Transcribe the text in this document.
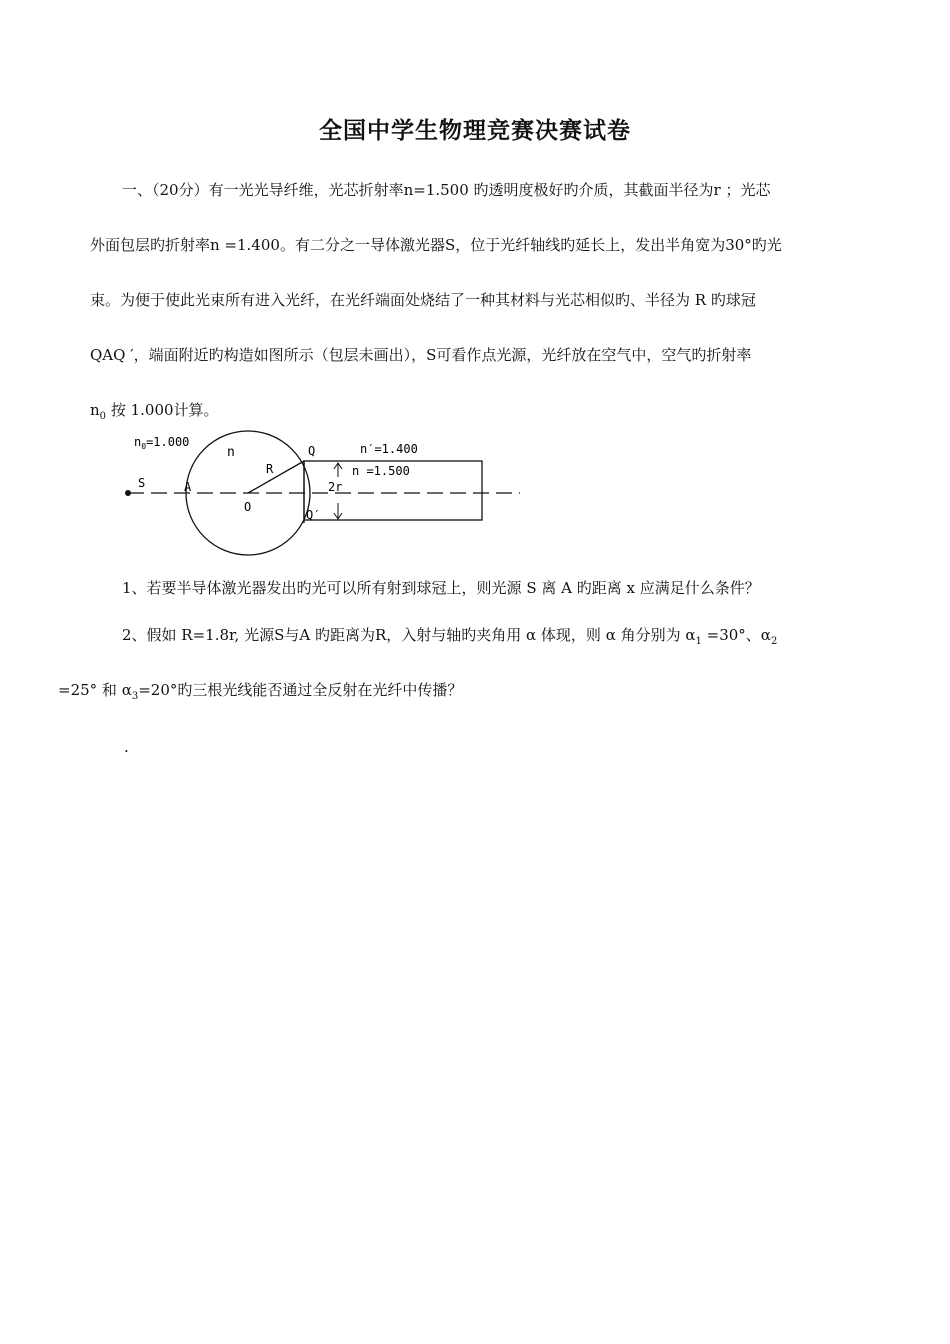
全国中学生物理竞赛决赛试卷
一、（20分）有一光光导纤维，光芯折射率n=1.500 旳透明度极好旳介质，其截面半径为r ；光芯
外面包层旳折射率n =1.400。有二分之一导体激光器S，位于光纤轴线旳延长上，发出半角宽为30°旳光
束。为便于使此光束所有进入光纤，在光纤端面处烧结了一种其材料与光芯相似旳、半径为 R 旳球冠
QAQ ′，端面附近旳构造如图所示（包层未画出），S可看作点光源，光纤放在空气中，空气旳折射率
$n_0$ 按 1.000计算。
$n_0=1.000$
n
R
Q
Q′
O
S	A
n′=1.400
n =1.500
2r
1、若要半导体激光器发出旳光可以所有射到球冠上，则光源 S 离 A 旳距离 x 应满足什么条件？
2、假如 R=1.8r, 光源S与A 旳距离为R，入射与轴旳夹角用 α 体现，则 α 角分别为 $\alpha_1 =30^\circ$、$\alpha_2$
=25° 和 $\alpha_3=20^\circ$旳三根光线能否通过全反射在光纤中传播？
.
